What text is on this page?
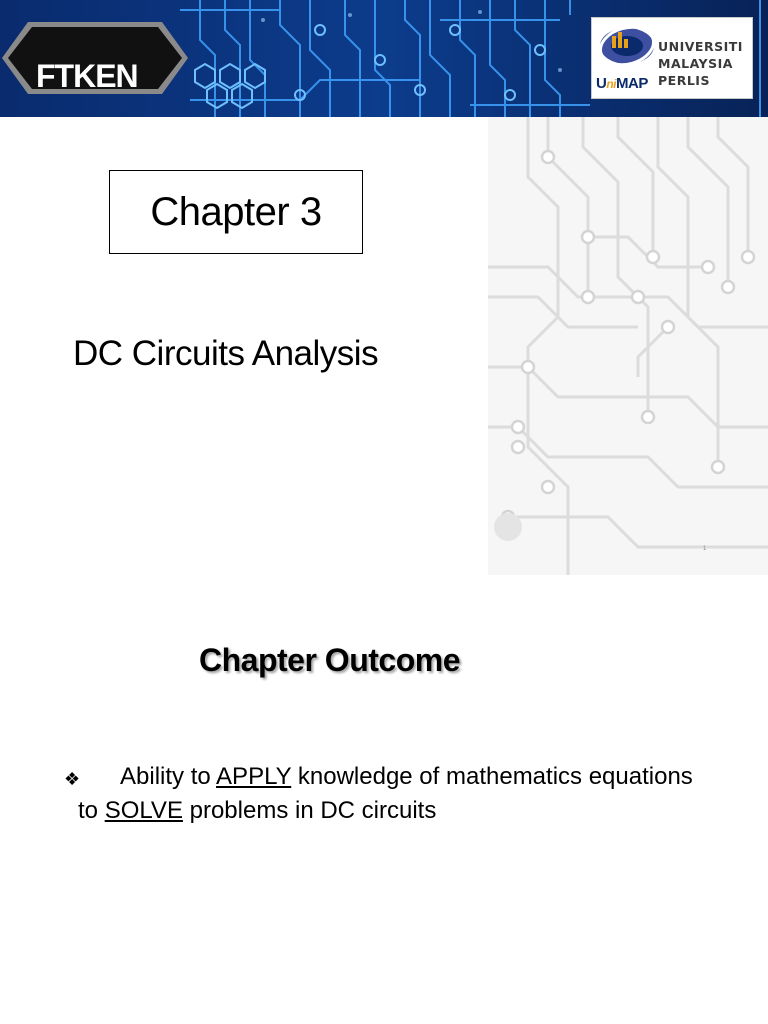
FTKEN
UNIVERSITI
MALAYSIA
PERLIS
UniMAP
Chapter 3
DC Circuits Analysis
1
Chapter Outcome
❖ Ability to APPLY knowledge of mathematics equations
to SOLVE problems in DC circuits
